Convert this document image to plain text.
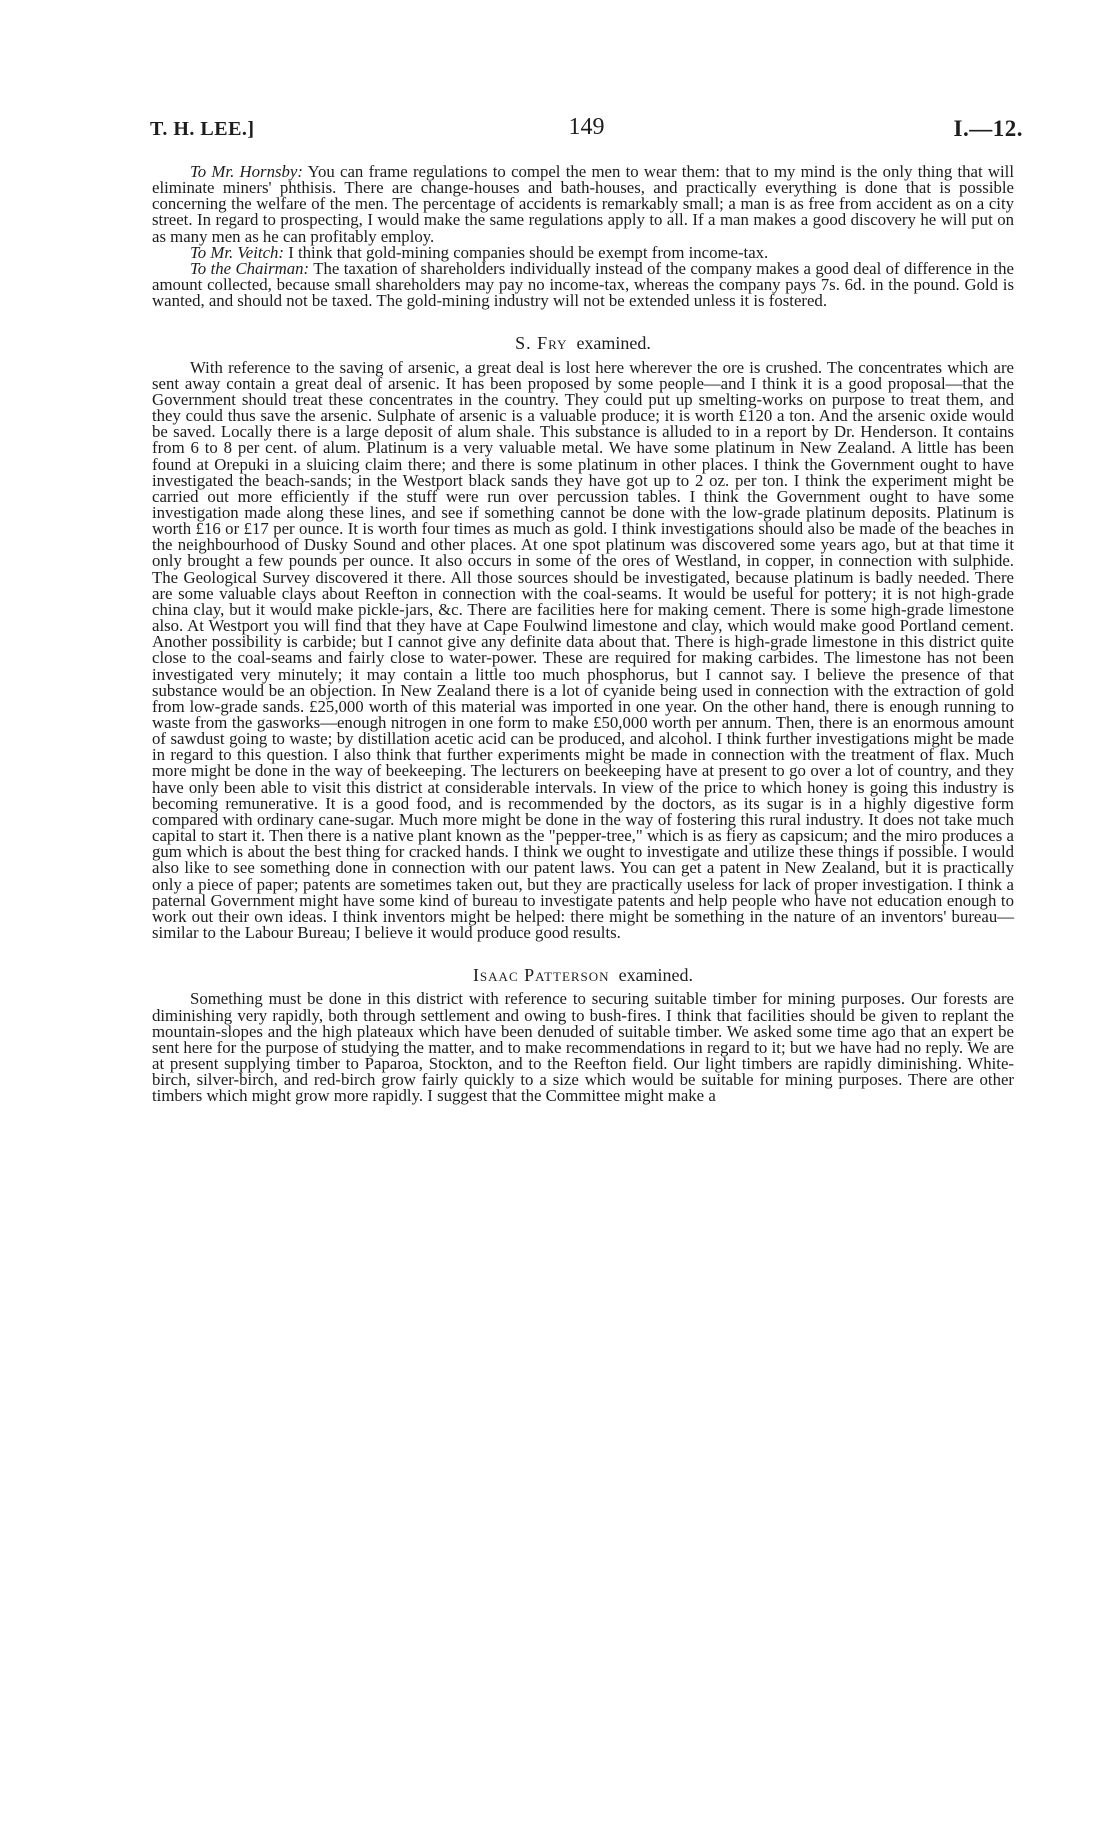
T. H. LEE.]	149	I.—12.

To Mr. Hornsby: You can frame regulations to compel the men to wear them: that to my mind is the only thing that will eliminate miners' phthisis. There are change-houses and bath-houses, and practically everything is done that is possible concerning the welfare of the men. The percentage of accidents is remarkably small; a man is as free from accident as on a city street. In regard to prospecting, I would make the same regulations apply to all. If a man makes a good discovery he will put on as many men as he can profitably employ.

To Mr. Veitch: I think that gold-mining companies should be exempt from income-tax.

To the Chairman: The taxation of shareholders individually instead of the company makes a good deal of difference in the amount collected, because small shareholders may pay no income-tax, whereas the company pays 7s. 6d. in the pound. Gold is wanted, and should not be taxed. The gold-mining industry will not be extended unless it is fostered.

S. Fry examined.

With reference to the saving of arsenic, a great deal is lost here wherever the ore is crushed. The concentrates which are sent away contain a great deal of arsenic. It has been proposed by some people—and I think it is a good proposal—that the Government should treat these concentrates in the country. They could put up smelting-works on purpose to treat them, and they could thus save the arsenic. Sulphate of arsenic is a valuable produce; it is worth £120 a ton. And the arsenic oxide would be saved. Locally there is a large deposit of alum shale. This substance is alluded to in a report by Dr. Henderson. It contains from 6 to 8 per cent. of alum. Platinum is a very valuable metal. We have some platinum in New Zealand. A little has been found at Orepuki in a sluicing claim there; and there is some platinum in other places. I think the Government ought to have investigated the beach-sands; in the Westport black sands they have got up to 2 oz. per ton. I think the experiment might be carried out more efficiently if the stuff were run over percussion tables. I think the Government ought to have some investigation made along these lines, and see if something cannot be done with the low-grade platinum deposits. Platinum is worth £16 or £17 per ounce. It is worth four times as much as gold. I think investigations should also be made of the beaches in the neighbourhood of Dusky Sound and other places. At one spot platinum was discovered some years ago, but at that time it only brought a few pounds per ounce. It also occurs in some of the ores of Westland, in copper, in connection with sulphide. The Geological Survey discovered it there. All those sources should be investigated, because platinum is badly needed. There are some valuable clays about Reefton in connection with the coal-seams. It would be useful for pottery; it is not high-grade china clay, but it would make pickle-jars, &c. There are facilities here for making cement. There is some high-grade limestone also. At Westport you will find that they have at Cape Foulwind limestone and clay, which would make good Portland cement. Another possibility is carbide; but I cannot give any definite data about that. There is high-grade limestone in this district quite close to the coal-seams and fairly close to water-power. These are required for making carbides. The limestone has not been investigated very minutely; it may contain a little too much phosphorus, but I cannot say. I believe the presence of that substance would be an objection. In New Zealand there is a lot of cyanide being used in connection with the extraction of gold from low-grade sands. £25,000 worth of this material was imported in one year. On the other hand, there is enough running to waste from the gasworks—enough nitrogen in one form to make £50,000 worth per annum. Then, there is an enormous amount of sawdust going to waste; by distillation acetic acid can be produced, and alcohol. I think further investigations might be made in regard to this question. I also think that further experiments might be made in connection with the treatment of flax. Much more might be done in the way of beekeeping. The lecturers on beekeeping have at present to go over a lot of country, and they have only been able to visit this district at considerable intervals. In view of the price to which honey is going this industry is becoming remunerative. It is a good food, and is recommended by the doctors, as its sugar is in a highly digestive form compared with ordinary cane-sugar. Much more might be done in the way of fostering this rural industry. It does not take much capital to start it. Then there is a native plant known as the "pepper-tree," which is as fiery as capsicum; and the miro produces a gum which is about the best thing for cracked hands. I think we ought to investigate and utilize these things if possible. I would also like to see something done in connection with our patent laws. You can get a patent in New Zealand, but it is practically only a piece of paper; patents are sometimes taken out, but they are practically useless for lack of proper investigation. I think a paternal Government might have some kind of bureau to investigate patents and help people who have not education enough to work out their own ideas. I think inventors might be helped: there might be something in the nature of an inventors' bureau—similar to the Labour Bureau; I believe it would produce good results.

Isaac Patterson examined.

Something must be done in this district with reference to securing suitable timber for mining purposes. Our forests are diminishing very rapidly, both through settlement and owing to bush-fires. I think that facilities should be given to replant the mountain-slopes and the high plateaux which have been denuded of suitable timber. We asked some time ago that an expert be sent here for the purpose of studying the matter, and to make recommendations in regard to it; but we have had no reply. We are at present supplying timber to Paparoa, Stockton, and to the Reefton field. Our light timbers are rapidly diminishing. White-birch, silver-birch, and red-birch grow fairly quickly to a size which would be suitable for mining purposes. There are other timbers which might grow more rapidly. I suggest that the Committee might make a
